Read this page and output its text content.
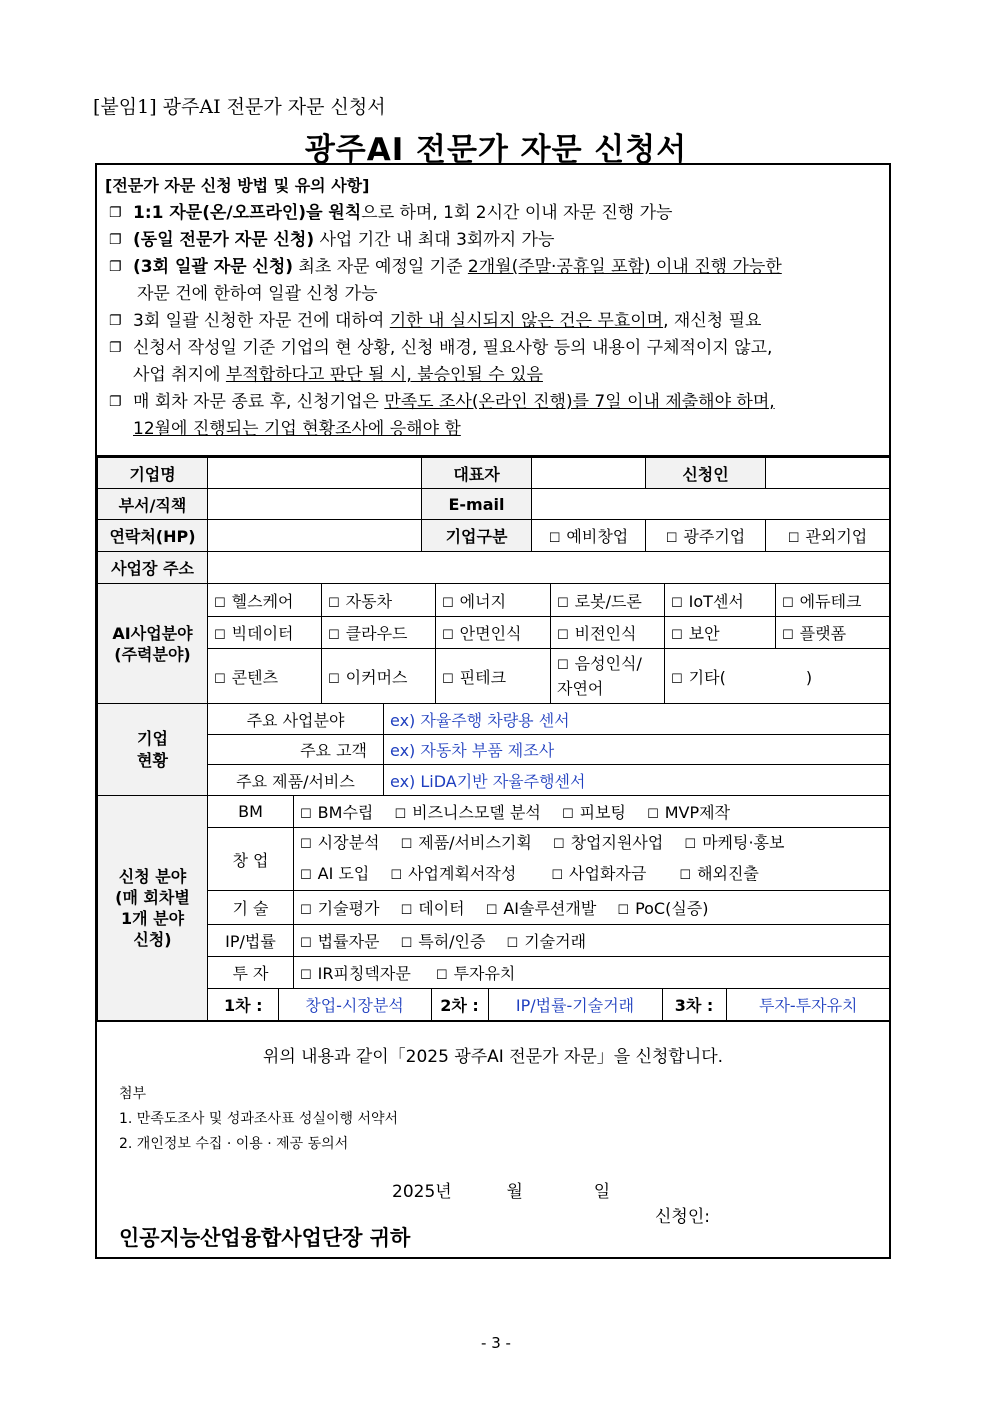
[붙임1] 광주AI 전문가 자문 신청서
광주AI 전문가 자문 신청서
[전문가 자문 신청 방법 및 유의 사항]
❐ 1:1 자문(온/오프라인)을 원칙으로 하며, 1회 2시간 이내 자문 진행 가능
❐ (동일 전문가 자문 신청) 사업 기간 내 최대 3회까지 가능
❐ (3회 일괄 자문 신청) 최초 자문 예정일 기준 2개월(주말·공휴일 포함) 이내 진행 가능한
자문 건에 한하여 일괄 신청 가능
❐ 3회 일괄 신청한 자문 건에 대하여 기한 내 실시되지 않은 건은 무효이며, 재신청 필요
❐ 신청서 작성일 기준 기업의 현 상황, 신청 배경, 필요사항 등의 내용이 구체적이지 않고,
사업 취지에 부적합하다고 판단 될 시, 불승인될 수 있음
❐ 매 회차 자문 종료 후, 신청기업은 만족도 조사(온라인 진행)를 7일 이내 제출해야 하며,
12월에 진행되는 기업 현황조사에 응해야 함
기업명		대표자		신청인	
부서/직책		E-mail			
연락처(HP)		기업구분	☐ 예비창업	☐ 광주기업	☐ 관외기업
사업장 주소					
AI사업분야
(주력분야)	☐ 헬스케어	☐ 자동차	☐ 에너지	☐ 로봇/드론	☐ IoT센서	☐ 에듀테크
	☐ 빅데이터	☐ 클라우드	☐ 안면인식	☐ 비전인식	☐ 보안	☐ 플랫폼
	☐ 콘텐츠	☐ 이커머스	☐ 핀테크	☐ 음성인식/
자연어	☐ 기타( )	
기업
현황	주요 사업분야	ex) 자율주행 차량용 센서
	주요 고객	ex) 자동차 부품 제조사
	주요 제품/서비스	ex) LiDA기반 자율주행센서
신청 분야
(매 회차별
1개 분야
신청)	BM	☐ BM수립 ☐ 비즈니스모델 분석 ☐ 피보팅 ☐ MVP제작
창 업	☐ 시장분석 ☐ 제품/서비스기획 ☐ 창업지원사업 ☐ 마케팅·홍보
☐ AI 도입 ☐ 사업계획서작성	☐ 사업화자금	☐ 해외진출
기 술	☐ 기술평가 ☐ 데이터 ☐ AI솔루션개발 ☐ PoC(실증)
IP/법률	☐ 법률자문 ☐ 특허/인증 ☐ 기술거래
투 자	☐ IR피칭덱자문 ☐ 투자유치

1차 :	창업-시장분석	2차 :	IP/법률-기술거래	3차 :	투자-투자유치
위의 내용과 같이「2025 광주AI 전문가 자문」을 신청합니다.
첨부
1. 만족도조사 및 성과조사표 성실이행 서약서
2. 개인정보 수집 · 이용 · 제공 동의서
2025년	월	일
신청인:
인공지능산업융합사업단장 귀하
- 3 -
